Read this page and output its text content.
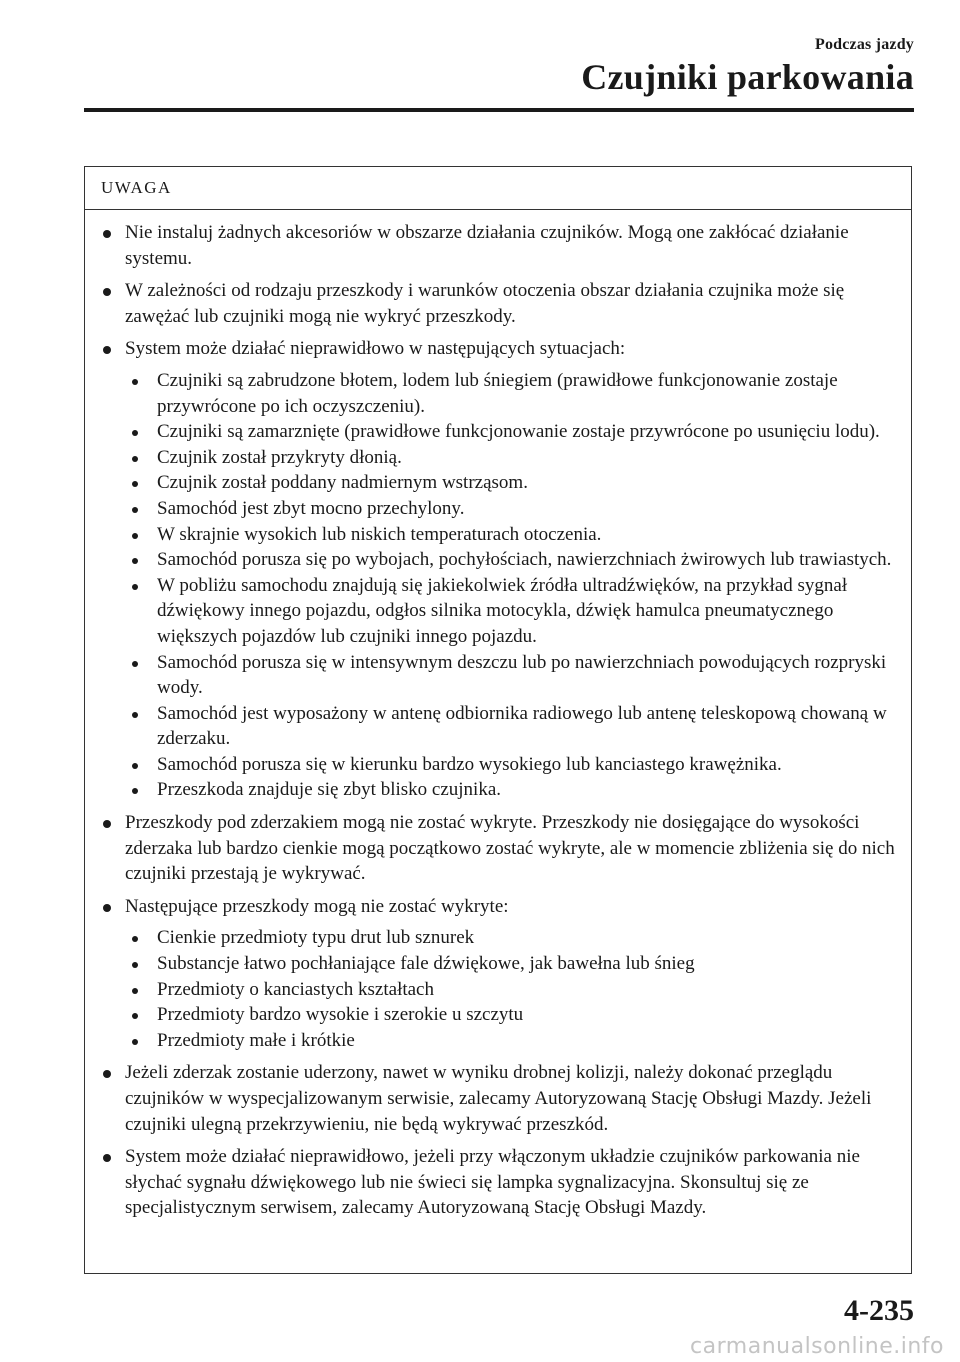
Podczas jazdy
Czujniki parkowania
UWAGA
Nie instaluj żadnych akcesoriów w obszarze działania czujników. Mogą one zakłócać działanie systemu.
W zależności od rodzaju przeszkody i warunków otoczenia obszar działania czujnika może się zawężać lub czujniki mogą nie wykryć przeszkody.
System może działać nieprawidłowo w następujących sytuacjach:
Czujniki są zabrudzone błotem, lodem lub śniegiem (prawidłowe funkcjonowanie zostaje przywrócone po ich oczyszczeniu).
Czujniki są zamarznięte (prawidłowe funkcjonowanie zostaje przywrócone po usunięciu lodu).
Czujnik został przykryty dłonią.
Czujnik został poddany nadmiernym wstrząsom.
Samochód jest zbyt mocno przechylony.
W skrajnie wysokich lub niskich temperaturach otoczenia.
Samochód porusza się po wybojach, pochyłościach, nawierzchniach żwirowych lub trawiastych.
W pobliżu samochodu znajdują się jakiekolwiek źródła ultradźwięków, na przykład sygnał dźwiękowy innego pojazdu, odgłos silnika motocykla, dźwięk hamulca pneumatycznego większych pojazdów lub czujniki innego pojazdu.
Samochód porusza się w intensywnym deszczu lub po nawierzchniach powodujących rozpryski wody.
Samochód jest wyposażony w antenę odbiornika radiowego lub antenę teleskopową chowaną w zderzaku.
Samochód porusza się w kierunku bardzo wysokiego lub kanciastego krawężnika.
Przeszkoda znajduje się zbyt blisko czujnika.
Przeszkody pod zderzakiem mogą nie zostać wykryte. Przeszkody nie dosięgające do wysokości zderzaka lub bardzo cienkie mogą początkowo zostać wykryte, ale w momencie zbliżenia się do nich czujniki przestają je wykrywać.
Następujące przeszkody mogą nie zostać wykryte:
Cienkie przedmioty typu drut lub sznurek
Substancje łatwo pochłaniające fale dźwiękowe, jak bawełna lub śnieg
Przedmioty o kanciastych kształtach
Przedmioty bardzo wysokie i szerokie u szczytu
Przedmioty małe i krótkie
Jeżeli zderzak zostanie uderzony, nawet w wyniku drobnej kolizji, należy dokonać przeglądu czujników w wyspecjalizowanym serwisie, zalecamy Autoryzowaną Stację Obsługi Mazdy. Jeżeli czujniki ulegną przekrzywieniu, nie będą wykrywać przeszkód.
System może działać nieprawidłowo, jeżeli przy włączonym układzie czujników parkowania nie słychać sygnału dźwiękowego lub nie świeci się lampka sygnalizacyjna. Skonsultuj się ze specjalistycznym serwisem, zalecamy Autoryzowaną Stację Obsługi Mazdy.
4-235
carmanualsonline.info
